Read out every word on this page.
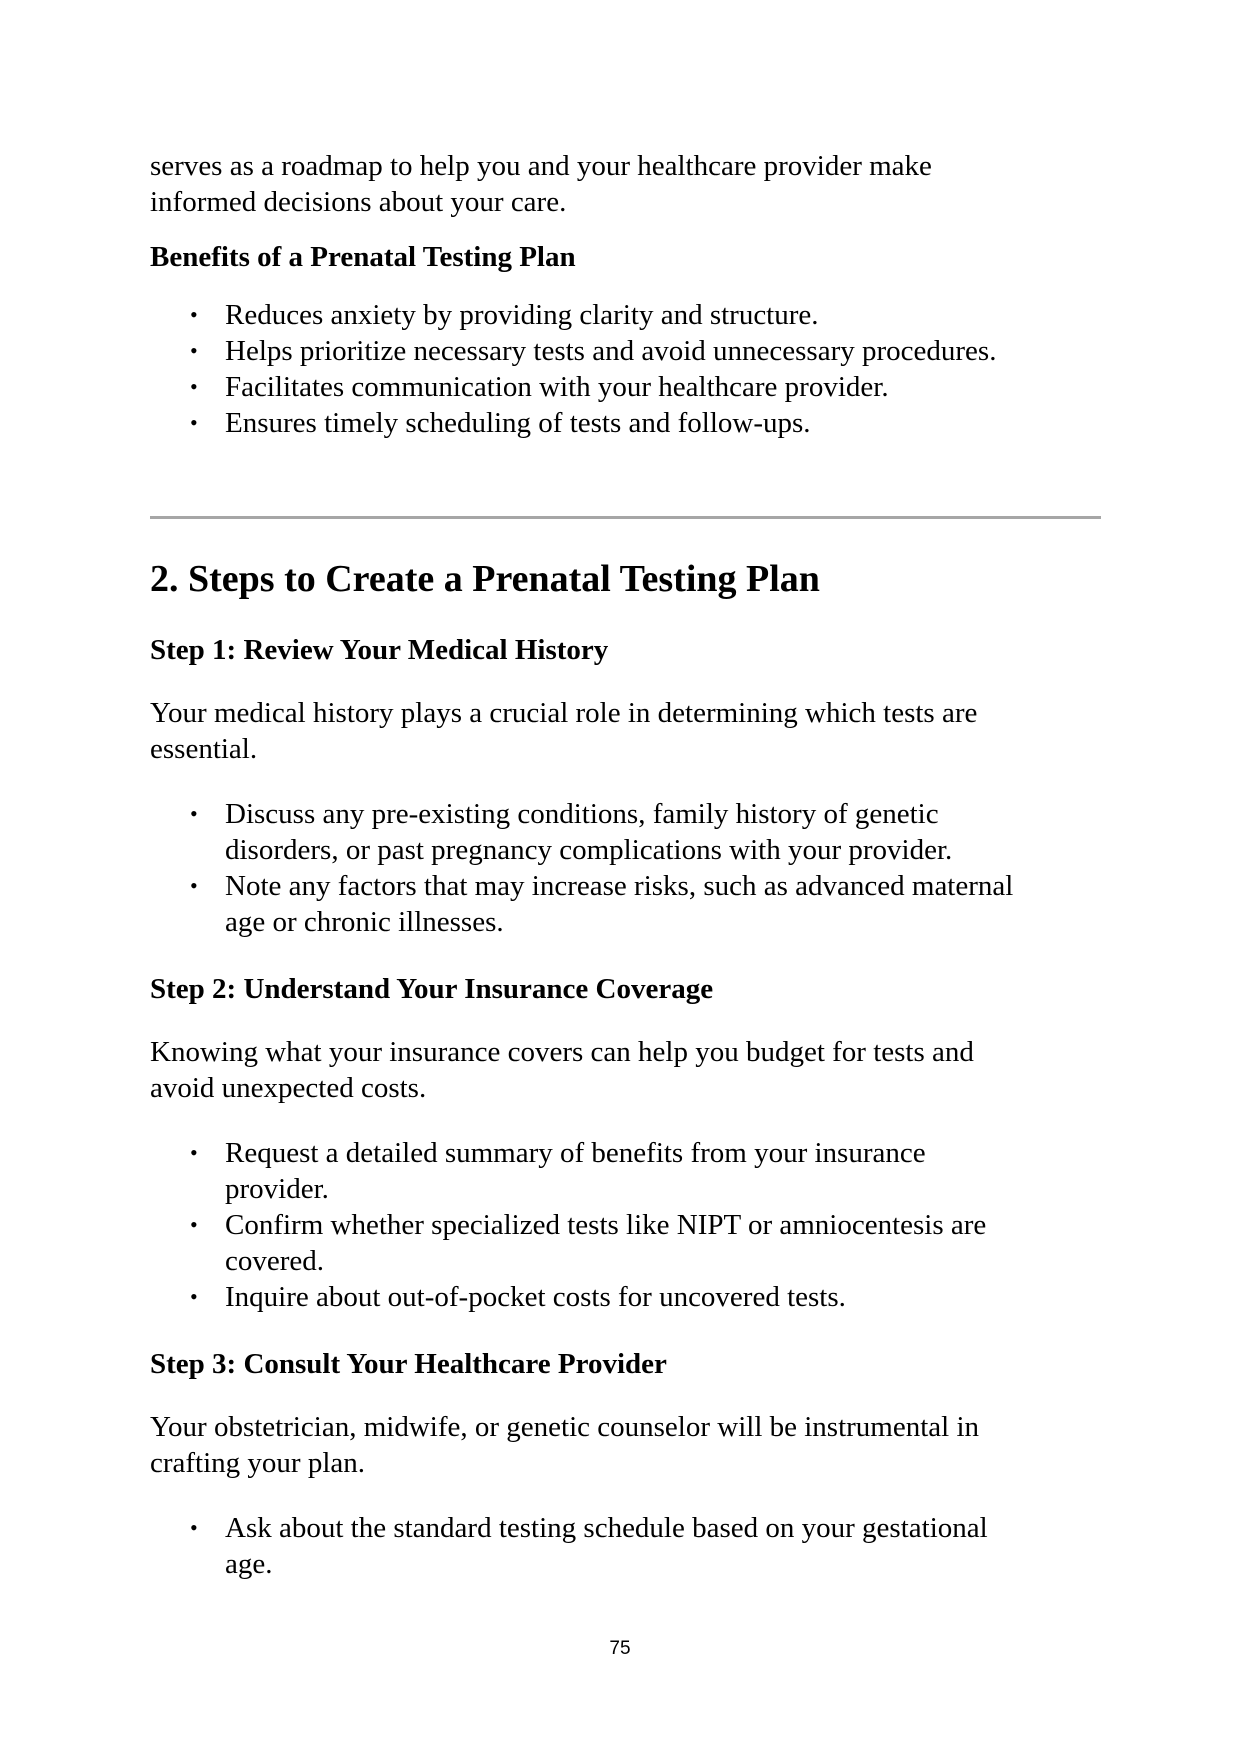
serves as a roadmap to help you and your healthcare provider make
informed decisions about your care.

Benefits of a Prenatal Testing Plan
• Reduces anxiety by providing clarity and structure.
• Helps prioritize necessary tests and avoid unnecessary procedures.
• Facilitates communication with your healthcare provider.
• Ensures timely scheduling of tests and follow-ups.
2. Steps to Create a Prenatal Testing Plan
Step 1: Review Your Medical History

Your medical history plays a crucial role in determining which tests are
essential.

• Discuss any pre-existing conditions, family history of genetic
disorders, or past pregnancy complications with your provider.
• Note any factors that may increase risks, such as advanced maternal
age or chronic illnesses.
Step 2: Understand Your Insurance Coverage

Knowing what your insurance covers can help you budget for tests and
avoid unexpected costs.

• Request a detailed summary of benefits from your insurance
provider.
• Confirm whether specialized tests like NIPT or amniocentesis are
covered.
• Inquire about out-of-pocket costs for uncovered tests.
Step 3: Consult Your Healthcare Provider

Your obstetrician, midwife, or genetic counselor will be instrumental in
crafting your plan.

• Ask about the standard testing schedule based on your gestational
age.
75
